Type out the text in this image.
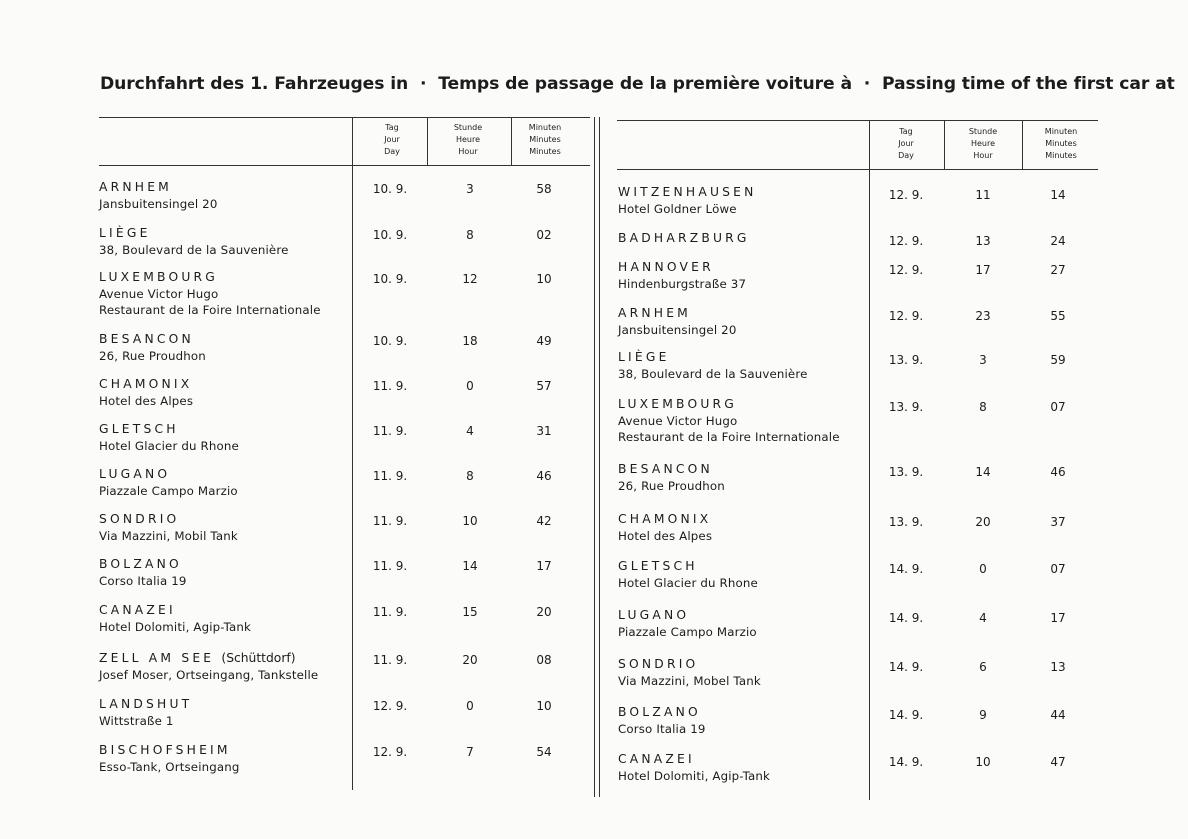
Durchfahrt des 1. Fahrzeuges in · Temps de passage de la première voiture à · Passing time of the first car at
Tag
Jour
Day
Stunde
Heure
Hour
Minuten
Minutes
Minutes
Tag
Jour
Day
Stunde
Heure
Hour
Minuten
Minutes
Minutes
ARNHEM
Jansbuitensingel 20
10. 9.	3	58
LIÈGE
38, Boulevard de la Sauvenière
10. 9.	8	02
LUXEMBOURG
Avenue Victor Hugo
Restaurant de la Foire Internationale
10. 9.	12	10
BESANCON
26, Rue Proudhon
10. 9.	18	49
CHAMONIX
Hotel des Alpes
11. 9.	0	57
GLETSCH
Hotel Glacier du Rhone
11. 9.	4	31
LUGANO
Piazzale Campo Marzio
11. 9.	8	46
SONDRIO
Via Mazzini, Mobil Tank
11. 9.	10	42
BOLZANO
Corso Italia 19
11. 9.	14	17
CANAZEI
Hotel Dolomiti, Agip-Tank
11. 9.	15	20
ZELL AM SEE (Schüttdorf)
Josef Moser, Ortseingang, Tankstelle
11. 9.	20	08
LANDSHUT
Wittstraße 1
12. 9.	0	10
BISCHOFSHEIM
Esso-Tank, Ortseingang
12. 9.	7	54
WITZENHAUSEN
Hotel Goldner Löwe
12. 9.	11	14
BADHARZBURG	12. 9.	13	24
HANNOVER
Hindenburgstraße 37
12. 9.	17	27
ARNHEM
Jansbuitensingel 20
12. 9.	23	55
LIÈGE
38, Boulevard de la Sauvenière
13. 9.	3	59
LUXEMBOURG
Avenue Victor Hugo
Restaurant de la Foire Internationale
13. 9.	8	07
BESANCON
26, Rue Proudhon
13. 9.	14	46
CHAMONIX
Hotel des Alpes
13. 9.	20	37
GLETSCH
Hotel Glacier du Rhone
14. 9.	0	07
LUGANO
Piazzale Campo Marzio
14. 9.	4	17
SONDRIO
Via Mazzini, Mobel Tank
14. 9.	6	13
BOLZANO
Corso Italia 19
14. 9.	9	44
CANAZEI
Hotel Dolomiti, Agip-Tank
14. 9.	10	47
